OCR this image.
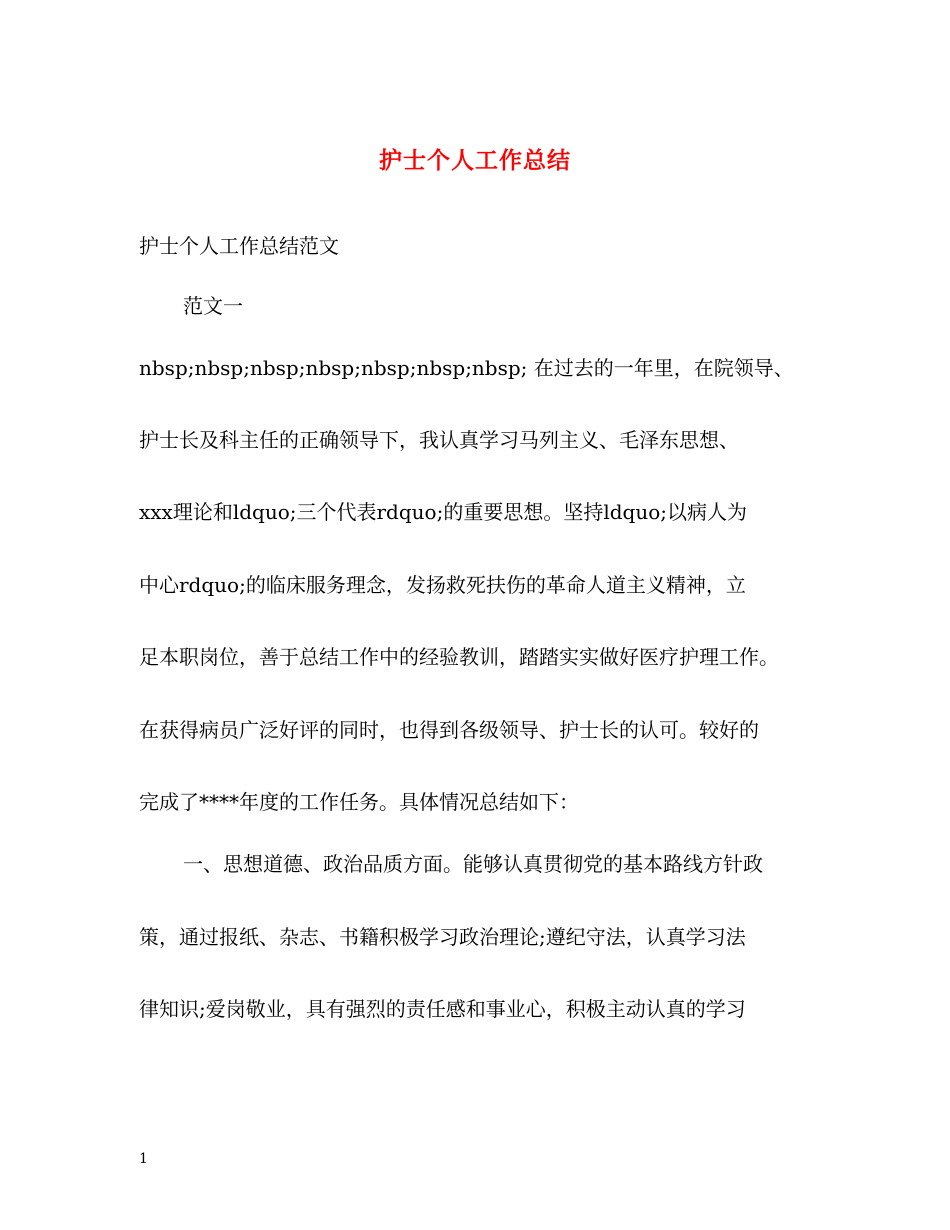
护士个人工作总结
护士个人工作总结范文
范文一
nbsp;nbsp;nbsp;nbsp;nbsp;nbsp;nbsp; 在过去的一年里，在院领导、
护士长及科主任的正确领导下，我认真学习马列主义、毛泽东思想、
xxx理论和ldquo;三个代表rdquo;的重要思想。坚持ldquo;以病人为
中心rdquo;的临床服务理念，发扬救死扶伤的革命人道主义精神，立
足本职岗位，善于总结工作中的经验教训，踏踏实实做好医疗护理工作。
在获得病员广泛好评的同时，也得到各级领导、护士长的认可。较好的
完成了****年度的工作任务。具体情况总结如下：
一、思想道德、政治品质方面。能够认真贯彻党的基本路线方针政
策，通过报纸、杂志、书籍积极学习政治理论;遵纪守法，认真学习法
律知识;爱岗敬业，具有强烈的责任感和事业心，积极主动认真的学习
1
